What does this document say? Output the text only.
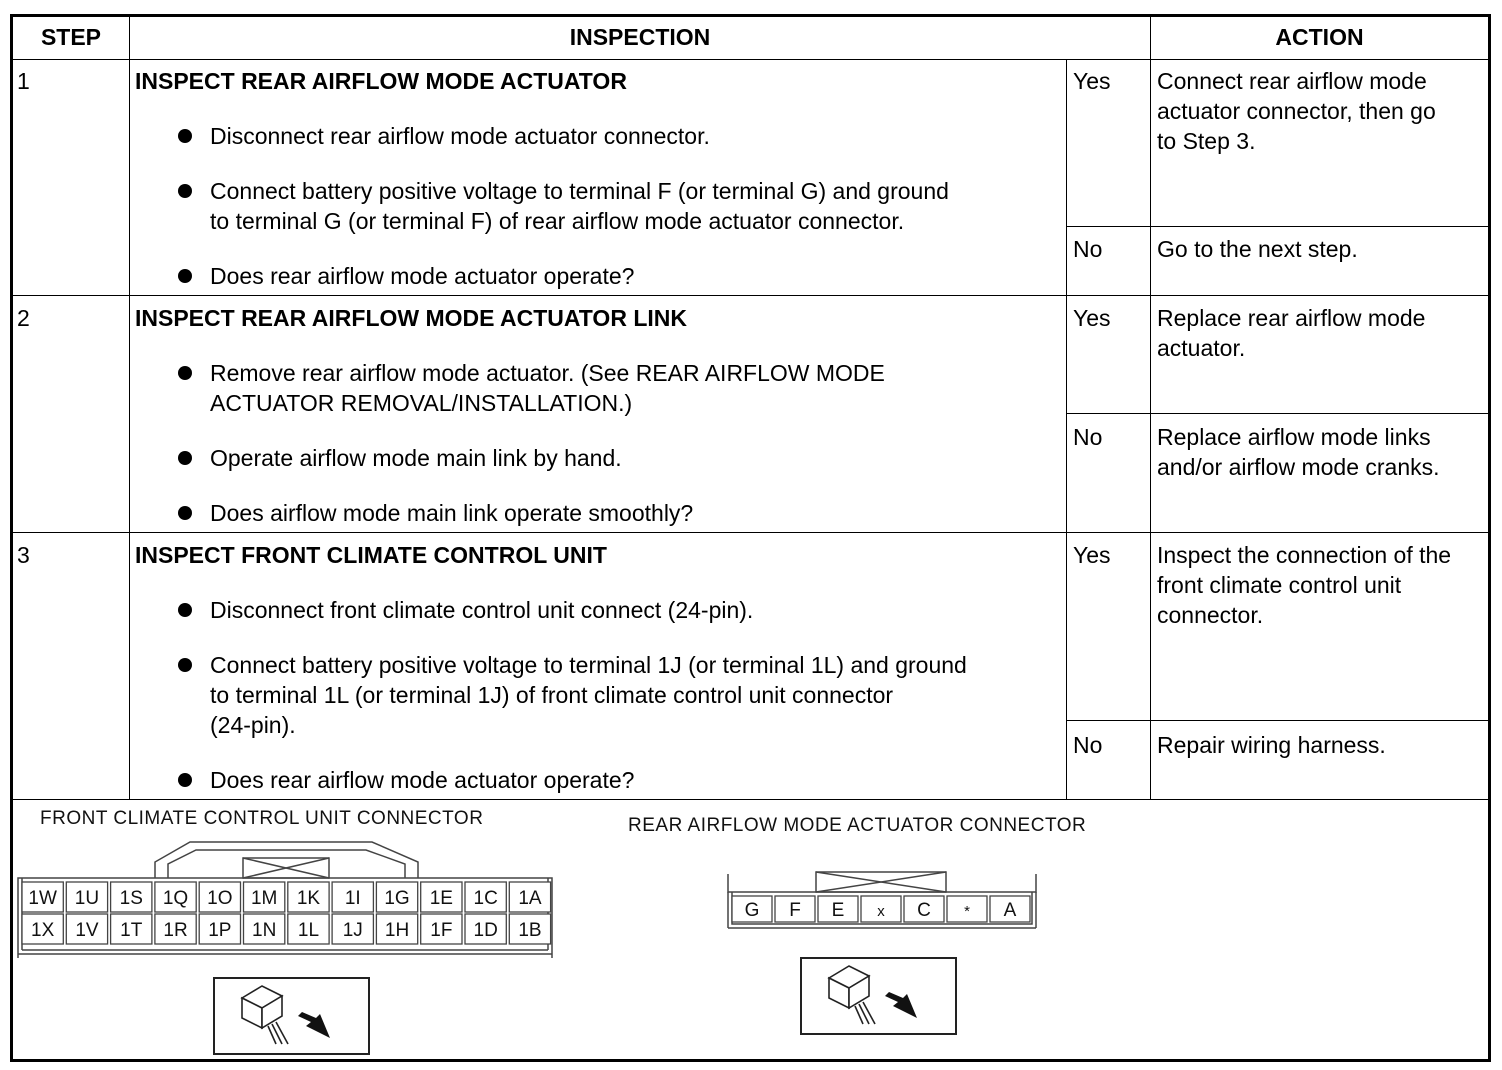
STEP	INSPECTION	ACTION
1	INSPECT REAR AIRFLOW MODE ACTUATOR
Disconnect rear airflow mode actuator connector.
Connect battery positive voltage to terminal F (or terminal G) and ground
to terminal G (or terminal F) of rear airflow mode actuator connector.
Does rear airflow mode actuator operate?
Yes Connect rear airflow mode
actuator connector, then go
to Step 3.
No Go to the next step.
2	INSPECT REAR AIRFLOW MODE ACTUATOR LINK
Remove rear airflow mode actuator. (See REAR AIRFLOW MODE
ACTUATOR REMOVAL/INSTALLATION.)
Operate airflow mode main link by hand.
Does airflow mode main link operate smoothly?
Yes Replace rear airflow mode
actuator.
No Replace airflow mode links
and/or airflow mode cranks.
3	INSPECT FRONT CLIMATE CONTROL UNIT
Disconnect front climate control unit connect (24-pin).
Connect battery positive voltage to terminal 1J (or terminal 1L) and ground
to terminal 1L (or terminal 1J) of front climate control unit connector
(24-pin).
Does rear airflow mode actuator operate?
Yes Inspect the connection of the
front climate control unit
connector.
No Repair wiring harness.
FRONT CLIMATE CONTROL UNIT CONNECTOR	REAR AIRFLOW MODE ACTUATOR CONNECTOR
1W 1U 1S 1Q 1O 1M 1K 1I 1G 1E 1C 1A
1X 1V 1T 1R 1P 1N 1L 1J 1H 1F 1D 1B
G F E x C * A
